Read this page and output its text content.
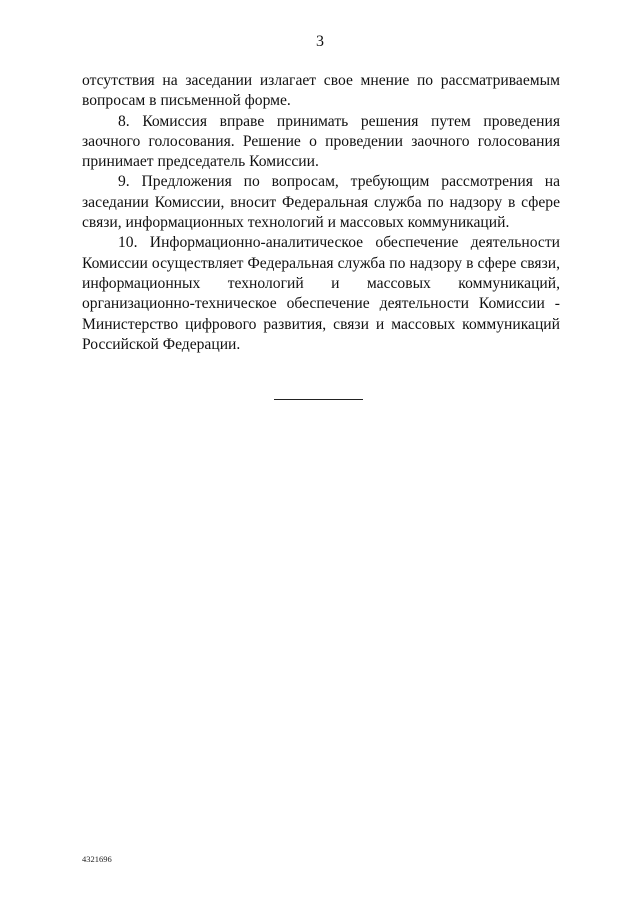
3

отсутствия на заседании излагает свое мнение по рассматриваемым вопросам в письменной форме.

8. Комиссия вправе принимать решения путем проведения заочного голосования. Решение о проведении заочного голосования принимает председатель Комиссии.

9. Предложения по вопросам, требующим рассмотрения на заседании Комиссии, вносит Федеральная служба по надзору в сфере связи, информационных технологий и массовых коммуникаций.

10. Информационно-аналитическое обеспечение деятельности Комиссии осуществляет Федеральная служба по надзору в сфере связи, информационных технологий и массовых коммуникаций, организационно-техническое обеспечение деятельности Комиссии - Министерство цифрового развития, связи и массовых коммуникаций Российской Федерации.

4321696
